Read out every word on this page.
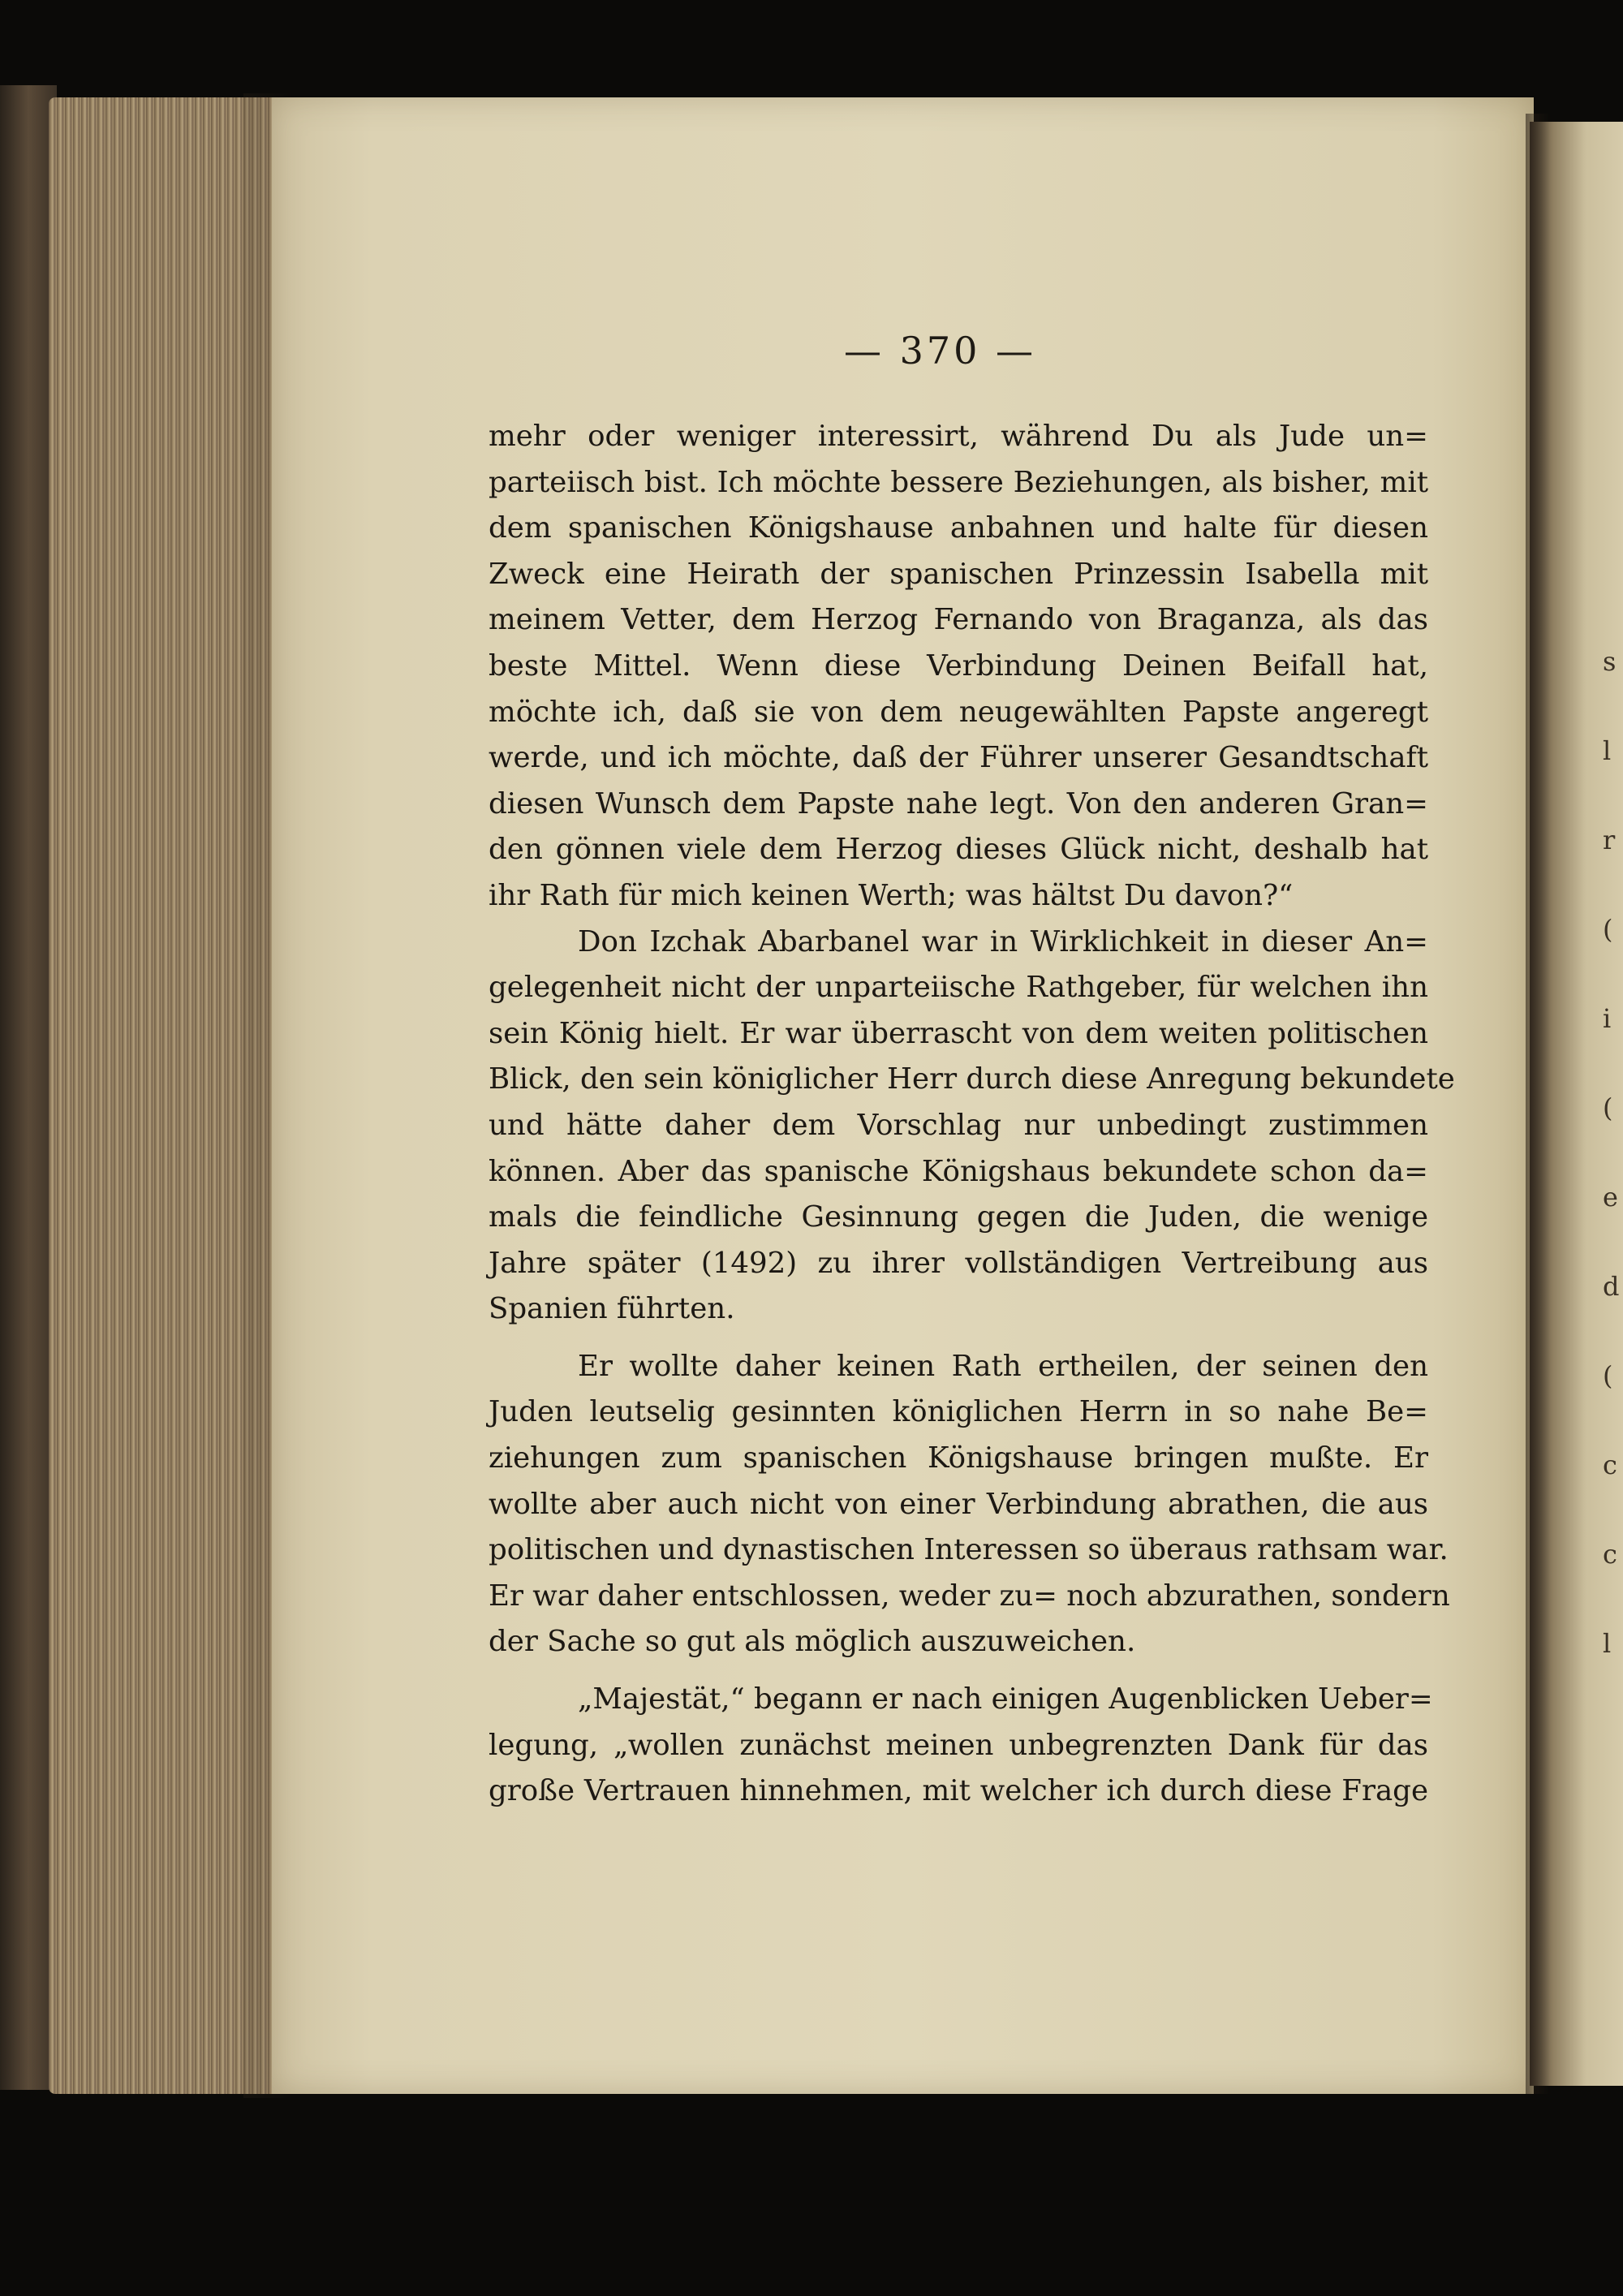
— 370 —
mehr oder weniger interessirt, während Du als Jude un=
parteiisch bist. Ich möchte bessere Beziehungen, als bisher, mit
dem spanischen Königshause anbahnen und halte für diesen
Zweck eine Heirath der spanischen Prinzessin Isabella mit
meinem Vetter, dem Herzog Fernando von Braganza, als das
beste Mittel. Wenn diese Verbindung Deinen Beifall hat,
möchte ich, daß sie von dem neugewählten Papste angeregt
werde, und ich möchte, daß der Führer unserer Gesandtschaft
diesen Wunsch dem Papste nahe legt. Von den anderen Gran=
den gönnen viele dem Herzog dieses Glück nicht, deshalb hat
ihr Rath für mich keinen Werth; was hältst Du davon?“
Don Izchak Abarbanel war in Wirklichkeit in dieser An=
gelegenheit nicht der unparteiische Rathgeber, für welchen ihn
sein König hielt. Er war überrascht von dem weiten politischen
Blick, den sein königlicher Herr durch diese Anregung bekundete
und hätte daher dem Vorschlag nur unbedingt zustimmen
können. Aber das spanische Königshaus bekundete schon da=
mals die feindliche Gesinnung gegen die Juden, die wenige
Jahre später (1492) zu ihrer vollständigen Vertreibung aus
Spanien führten.
Er wollte daher keinen Rath ertheilen, der seinen den
Juden leutselig gesinnten königlichen Herrn in so nahe Be=
ziehungen zum spanischen Königshause bringen mußte. Er
wollte aber auch nicht von einer Verbindung abrathen, die aus
politischen und dynastischen Interessen so überaus rathsam war.
Er war daher entschlossen, weder zu= noch abzurathen, sondern
der Sache so gut als möglich auszuweichen.
„Majestät,“ begann er nach einigen Augenblicken Ueber=
legung, „wollen zunächst meinen unbegrenzten Dank für das
große Vertrauen hinnehmen, mit welcher ich durch diese Frage
s
l
r
(
i
(
e
d
(
c
c
l
